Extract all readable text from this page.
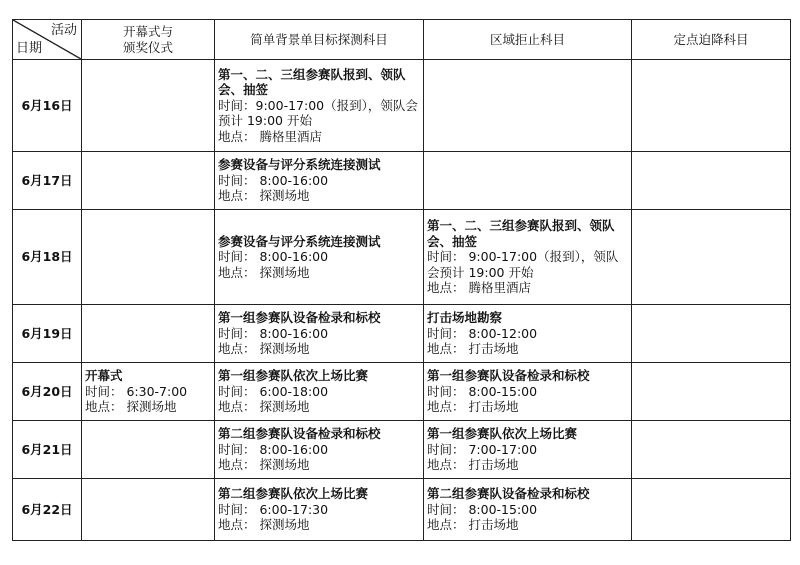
活动
日期	开幕式与
颁奖仪式	简单背景单目标探测科目	区域拒止科目	定点迫降科目
6月16日		第一、二、三组参赛队报到、领队会、抽签
时间：9:00-17:00（报到），领队会预计 19:00 开始
地点： 腾格里酒店		

6月17日		参赛设备与评分系统连接测试
时间： 8:00-16:00
地点： 探测场地		

6月18日		参赛设备与评分系统连接测试
时间： 8:00-16:00
地点： 探测场地	第一、二、三组参赛队报到、领队会、抽签
时间： 9:00-17:00（报到），领队会预计 19:00 开始
地点： 腾格里酒店	

6月19日		第一组参赛队设备检录和标校
时间： 8:00-16:00
地点： 探测场地	打击场地勘察
时间： 8:00-12:00
地点： 打击场地	

6月20日	开幕式
时间： 6:30-7:00
地点： 探测场地	第一组参赛队依次上场比赛
时间： 6:00-18:00
地点： 探测场地	第一组参赛队设备检录和标校
时间： 8:00-15:00
地点： 打击场地	

6月21日		第二组参赛队设备检录和标校
时间： 8:00-16:00
地点： 探测场地	第一组参赛队依次上场比赛
时间： 7:00-17:00
地点： 打击场地	

6月22日		第二组参赛队依次上场比赛
时间： 6:00-17:30
地点： 探测场地	第二组参赛队设备检录和标校
时间： 8:00-15:00
地点： 打击场地	
